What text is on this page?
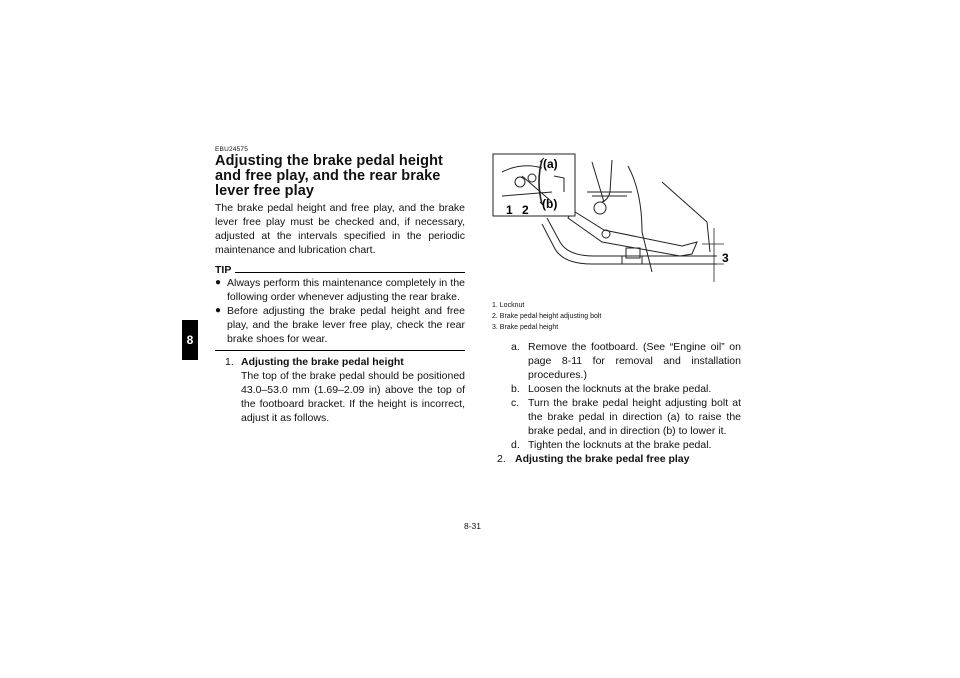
8
EBU24575
Adjusting the brake pedal height and free play, and the rear brake lever free play
The brake pedal height and free play, and the brake lever free play must be checked and, if necessary, adjusted at the intervals specified in the periodic maintenance and lubrication chart.
TIP
● Always perform this maintenance completely in the following order whenever adjusting the rear brake.
● Before adjusting the brake pedal height and free play, and the brake lever free play, check the rear brake shoes for wear.
1. Adjusting the brake pedal height
The top of the brake pedal should be positioned 43.0–53.0 mm (1.69–2.09 in) above the top of the footboard bracket. If the height is incorrect, adjust it as follows.
(a)
(b)
1 2
3
1. Locknut
2. Brake pedal height adjusting bolt
3. Brake pedal height
a. Remove the footboard. (See “Engine oil” on page 8-11 for removal and installation procedures.)
b. Loosen the locknuts at the brake pedal.
c. Turn the brake pedal height adjusting bolt at the brake pedal in direction (a) to raise the brake pedal, and in direction (b) to lower it.
d. Tighten the locknuts at the brake pedal.
2. Adjusting the brake pedal free play
8-31
